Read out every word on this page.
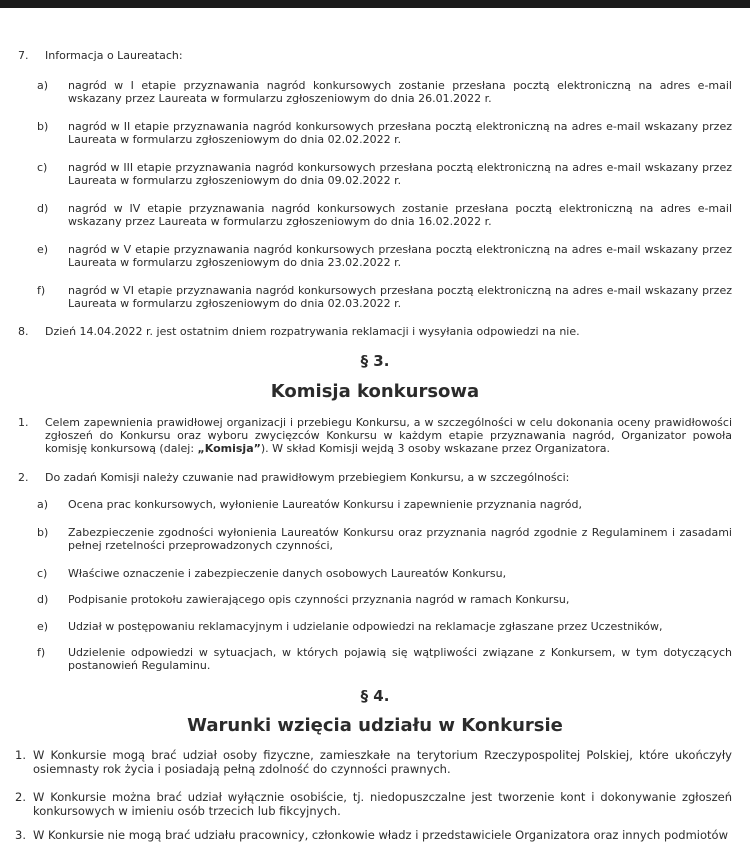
7.	Informacja o Laureatach:
a)	nagród w I etapie przyznawania nagród konkursowych zostanie przesłana pocztą elektroniczną na adres e-mail wskazany przez Laureata w formularzu zgłoszeniowym do dnia 26.01.2022 r.
b)	nagród w II etapie przyznawania nagród konkursowych przesłana pocztą elektroniczną na adres e-mail wskazany przez Laureata w formularzu zgłoszeniowym do dnia 02.02.2022 r.
c)	nagród w III etapie przyznawania nagród konkursowych przesłana pocztą elektroniczną na adres e-mail wskazany przez Laureata w formularzu zgłoszeniowym do dnia 09.02.2022 r.
d)	nagród w IV etapie przyznawania nagród konkursowych zostanie przesłana pocztą elektroniczną na adres e-mail wskazany przez Laureata w formularzu zgłoszeniowym do dnia 16.02.2022 r.
e)	nagród w V etapie przyznawania nagród konkursowych przesłana pocztą elektroniczną na adres e-mail wskazany przez Laureata w formularzu zgłoszeniowym do dnia 23.02.2022 r.
f)	nagród w VI etapie przyznawania nagród konkursowych przesłana pocztą elektroniczną na adres e-mail wskazany przez Laureata w formularzu zgłoszeniowym do dnia 02.03.2022 r.
8.	Dzień 14.04.2022 r. jest ostatnim dniem rozpatrywania reklamacji i wysyłania odpowiedzi na nie.
§ 3.
Komisja konkursowa
1.	Celem zapewnienia prawidłowej organizacji i przebiegu Konkursu, a w szczególności w celu dokonania oceny prawidłowości zgłoszeń do Konkursu oraz wyboru zwycięzców Konkursu w każdym etapie przyznawania nagród, Organizator powoła komisję konkursową (dalej: „Komisja”). W skład Komisji wejdą 3 osoby wskazane przez Organizatora.
2.	Do zadań Komisji należy czuwanie nad prawidłowym przebiegiem Konkursu, a w szczególności:
a)	Ocena prac konkursowych, wyłonienie Laureatów Konkursu i zapewnienie przyznania nagród,
b)	Zabezpieczenie zgodności wyłonienia Laureatów Konkursu oraz przyznania nagród zgodnie z Regulaminem i zasadami pełnej rzetelności przeprowadzonych czynności,
c)	Właściwe oznaczenie i zabezpieczenie danych osobowych Laureatów Konkursu,
d)	Podpisanie protokołu zawierającego opis czynności przyznania nagród w ramach Konkursu,
e)	Udział w postępowaniu reklamacyjnym i udzielanie odpowiedzi na reklamacje zgłaszane przez Uczestników,
f)	Udzielenie odpowiedzi w sytuacjach, w których pojawią się wątpliwości związane z Konkursem, w tym dotyczących postanowień Regulaminu.
§ 4.
Warunki wzięcia udziału w Konkursie
1. W Konkursie mogą brać udział osoby fizyczne, zamieszkałe na terytorium Rzeczypospolitej Polskiej, które ukończyły osiemnasty rok życia i posiadają pełną zdolność do czynności prawnych.
2. W Konkursie można brać udział wyłącznie osobiście, tj. niedopuszczalne jest tworzenie kont i dokonywanie zgłoszeń konkursowych w imieniu osób trzecich lub fikcyjnych.
3. W Konkursie nie mogą brać udziału pracownicy, członkowie władz i przedstawiciele Organizatora oraz innych podmiotów
